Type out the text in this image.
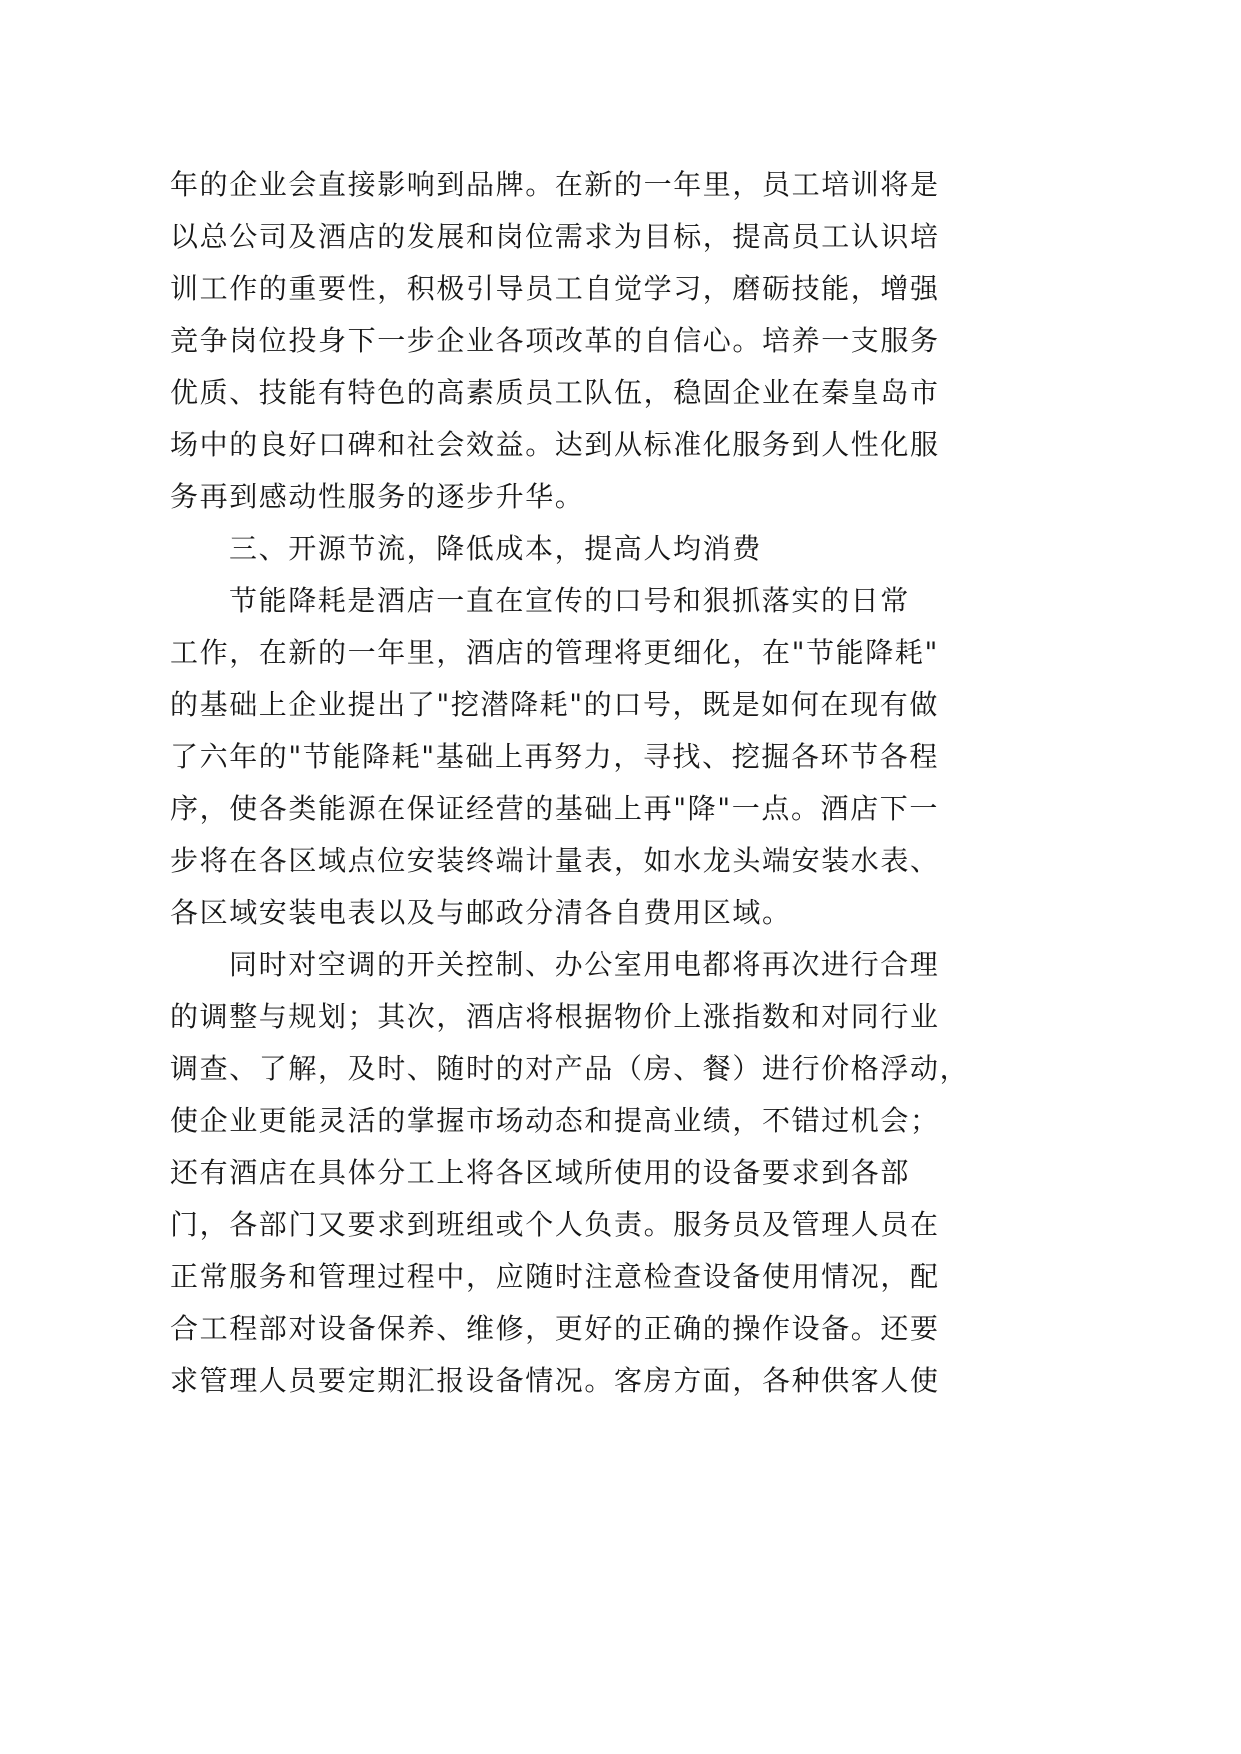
年的企业会直接影响到品牌。在新的一年里，员工培训将是
以总公司及酒店的发展和岗位需求为目标，提高员工认识培
训工作的重要性，积极引导员工自觉学习，磨砺技能，增强
竞争岗位投身下一步企业各项改革的自信心。培养一支服务
优质、技能有特色的高素质员工队伍，稳固企业在秦皇岛市
场中的良好口碑和社会效益。达到从标准化服务到人性化服
务再到感动性服务的逐步升华。
三、开源节流，降低成本，提高人均消费
节能降耗是酒店一直在宣传的口号和狠抓落实的日常
工作，在新的一年里，酒店的管理将更细化，在"节能降耗"
的基础上企业提出了"挖潜降耗"的口号，既是如何在现有做
了六年的"节能降耗"基础上再努力，寻找、挖掘各环节各程
序，使各类能源在保证经营的基础上再"降"一点。酒店下一
步将在各区域点位安装终端计量表，如水龙头端安装水表、
各区域安装电表以及与邮政分清各自费用区域。
同时对空调的开关控制、办公室用电都将再次进行合理
的调整与规划；其次，酒店将根据物价上涨指数和对同行业
调查、了解，及时、随时的对产品（房、餐）进行价格浮动，
使企业更能灵活的掌握市场动态和提高业绩，不错过机会；
还有酒店在具体分工上将各区域所使用的设备要求到各部
门，各部门又要求到班组或个人负责。服务员及管理人员在
正常服务和管理过程中，应随时注意检查设备使用情况，配
合工程部对设备保养、维修，更好的正确的操作设备。还要
求管理人员要定期汇报设备情况。客房方面，各种供客人使
